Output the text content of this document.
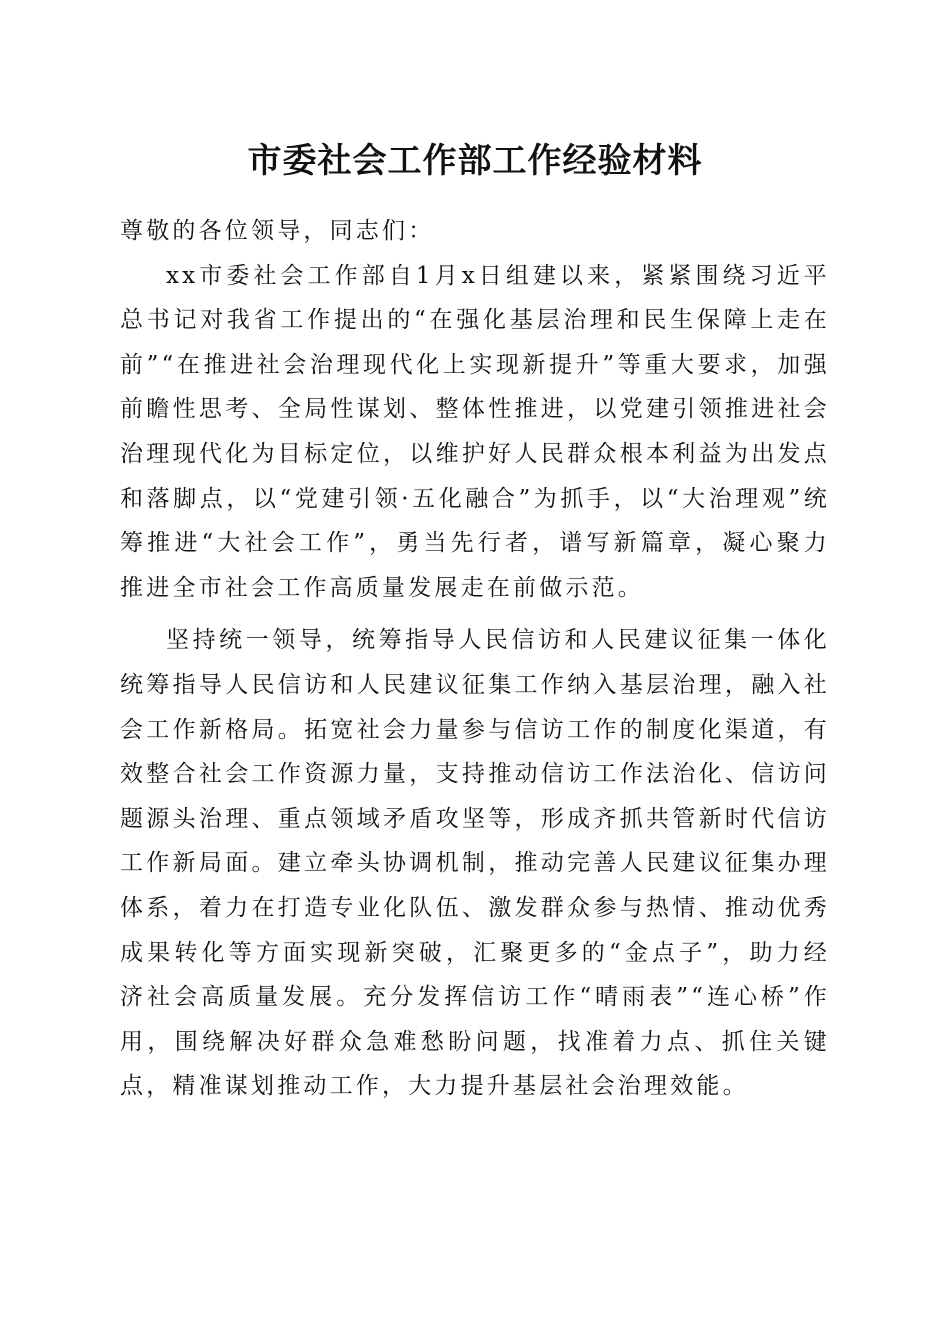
市委社会工作部工作经验材料

尊敬的各位领导，同志们：

xx市委社会工作部自1月x日组建以来，紧紧围绕习近平总书记对我省工作提出的“在强化基层治理和民生保障上走在前”“在推进社会治理现代化上实现新提升”等重大要求，加强前瞻性思考、全局性谋划、整体性推进，以党建引领推进社会治理现代化为目标定位，以维护好人民群众根本利益为出发点和落脚点，以“党建引领·五化融合”为抓手，以“大治理观”统筹推进“大社会工作”，勇当先行者，谱写新篇章，凝心聚力推进全市社会工作高质量发展走在前做示范。

坚持统一领导，统筹指导人民信访和人民建议征集一体化统筹指导人民信访和人民建议征集工作纳入基层治理，融入社会工作新格局。拓宽社会力量参与信访工作的制度化渠道，有效整合社会工作资源力量，支持推动信访工作法治化、信访问题源头治理、重点领域矛盾攻坚等，形成齐抓共管新时代信访工作新局面。建立牵头协调机制，推动完善人民建议征集办理体系，着力在打造专业化队伍、激发群众参与热情、推动优秀成果转化等方面实现新突破，汇聚更多的“金点子”，助力经济社会高质量发展。充分发挥信访工作“晴雨表”“连心桥”作用，围绕解决好群众急难愁盼问题，找准着力点、抓住关键点，精准谋划推动工作，大力提升基层社会治理效能。
